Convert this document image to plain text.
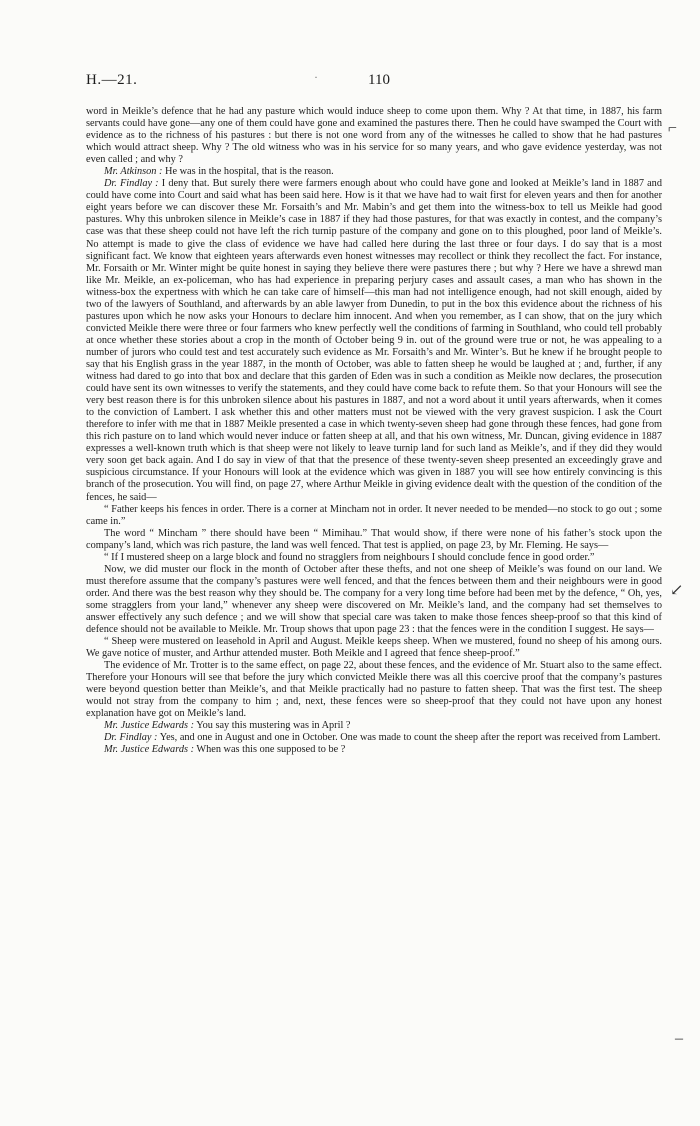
H.—21.	·	110

word in Meikle’s defence that he had any pasture which would induce sheep to come upon them. Why ? At that time, in 1887, his farm servants could have gone—any one of them could have gone and examined the pastures there. Then he could have swamped the Court with evidence as to the richness of his pastures : but there is not one word from any of the witnesses he called to show that he had pastures which would attract sheep. Why ? The old witness who was in his service for so many years, and who gave evidence yesterday, was not even called ; and why ?

Mr. Atkinson : He was in the hospital, that is the reason.

Dr. Findlay : I deny that. But surely there were farmers enough about who could have gone and looked at Meikle’s land in 1887 and could have come into Court and said what has been said here. How is it that we have had to wait first for eleven years and then for another eight years before we can discover these Mr. Forsaith’s and Mr. Mabin’s and get them into the witness-box to tell us Meikle had good pastures. Why this unbroken silence in Meikle’s case in 1887 if they had those pastures, for that was exactly in contest, and the company’s case was that these sheep could not have left the rich turnip pasture of the company and gone on to this ploughed, poor land of Meikle’s. No attempt is made to give the class of evidence we have had called here during the last three or four days. I do say that is a most significant fact. We know that eighteen years afterwards even honest witnesses may recollect or think they recollect the fact. For instance, Mr. Forsaith or Mr. Winter might be quite honest in saying they believe there were pastures there ; but why ? Here we have a shrewd man like Mr. Meikle, an ex-policeman, who has had experience in preparing perjury cases and assault cases, a man who has shown in the witness-box the expertness with which he can take care of himself—this man had not intelligence enough, had not skill enough, aided by two of the lawyers of Southland, and afterwards by an able lawyer from Dunedin, to put in the box this evidence about the richness of his pastures upon which he now asks your Honours to declare him innocent. And when you remember, as I can show, that on the jury which convicted Meikle there were three or four farmers who knew perfectly well the conditions of farming in Southland, who could tell probably at once whether these stories about a crop in the month of October being 9 in. out of the ground were true or not, he was appealing to a number of jurors who could test and test accurately such evidence as Mr. Forsaith’s and Mr. Winter’s. But he knew if he brought people to say that his English grass in the year 1887, in the month of October, was able to fatten sheep he would be laughed at ; and, further, if any witness had dared to go into that box and declare that this garden of Eden was in such a condition as Meikle now declares, the prosecution could have sent its own witnesses to verify the statements, and they could have come back to refute them. So that your Honours will see the very best reason there is for this unbroken silence about his pastures in 1887, and not a word about it until years afterwards, when it comes to the conviction of Lambert. I ask whether this and other matters must not be viewed with the very gravest suspicion. I ask the Court therefore to infer with me that in 1887 Meikle presented a case in which twenty-seven sheep had gone through these fences, had gone from this rich pasture on to land which would never induce or fatten sheep at all, and that his own witness, Mr. Duncan, giving evidence in 1887 expresses a well-known truth which is that sheep were not likely to leave turnip land for such land as Meikle’s, and if they did they would very soon get back again. And I do say in view of that that the presence of these twenty-seven sheep presented an exceedingly grave and suspicious circumstance. If your Honours will look at the evidence which was given in 1887 you will see how entirely convincing is this branch of the prosecution. You will find, on page 27, where Arthur Meikle in giving evidence dealt with the question of the condition of the fences, he said—

“ Father keeps his fences in order. There is a corner at Mincham not in order. It never needed to be mended—no stock to go out ; some came in.”

The word “ Mincham ” there should have been “ Mimihau.” That would show, if there were none of his father’s stock upon the company’s land, which was rich pasture, the land was well fenced. That test is applied, on page 23, by Mr. Fleming. He says—

“ If I mustered sheep on a large block and found no stragglers from neighbours I should conclude fence in good order.”

Now, we did muster our flock in the month of October after these thefts, and not one sheep of Meikle’s was found on our land. We must therefore assume that the company’s pastures were well fenced, and that the fences between them and their neighbours were in good order. And there was the best reason why they should be. The company for a very long time before had been met by the defence, “ Oh, yes, some stragglers from your land,” whenever any sheep were discovered on Mr. Meikle’s land, and the company had set themselves to answer effectively any such defence ; and we will show that special care was taken to make those fences sheep-proof so that this kind of defence should not be available to Meikle. Mr. Troup shows that upon page 23 : that the fences were in the condition I suggest. He says—

“ Sheep were mustered on leasehold in April and August. Meikle keeps sheep. When we mustered, found no sheep of his among ours. We gave notice of muster, and Arthur attended muster. Both Meikle and I agreed that fence sheep-proof.”

The evidence of Mr. Trotter is to the same effect, on page 22, about these fences, and the evidence of Mr. Stuart also to the same effect. Therefore your Honours will see that before the jury which convicted Meikle there was all this coercive proof that the company’s pastures were beyond question better than Meikle’s, and that Meikle practically had no pasture to fatten sheep. That was the first test. The sheep would not stray from the company to him ; and, next, these fences were so sheep-proof that they could not have upon any honest explanation have got on Meikle’s land.

Mr. Justice Edwards : You say this mustering was in April ?

Dr. Findlay : Yes, and one in August and one in October. One was made to count the sheep after the report was received from Lambert.

Mr. Justice Edwards : When was this one supposed to be ?

⌐
↙
–
